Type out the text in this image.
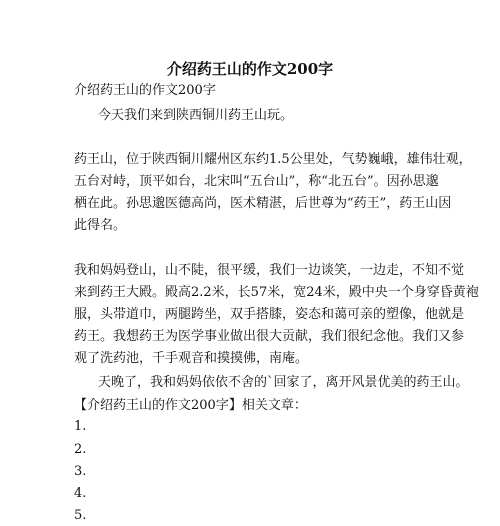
介绍药王山的作文200字
介绍药王山的作文200字
今天我们来到陕西铜川药王山玩。
药王山，位于陕西铜川耀州区东约1.5公里处，气势巍峨，雄伟壮观，
五台对峙，顶平如台，北宋叫“五台山”，称“北五台”。因孙思邈
栖在此。孙思邈医德高尚，医术精湛，后世尊为“药王”，药王山因
此得名。
我和妈妈登山，山不陡，很平缓，我们一边谈笑，一边走，不知不觉
来到药王大殿。殿高2.2米，长57米，宽24米，殿中央一个身穿昏黄袍
服，头带道巾，两腿跨坐，双手搭膝，姿态和蔼可亲的塑像，他就是
药王。我想药王为医学事业做出很大贡献，我们很纪念他。我们又参
观了洗药池，千手观音和摸摸佛，南庵。
天晚了，我和妈妈依依不舍的`回家了，离开风景优美的药王山。
【介绍药王山的作文200字】相关文章：
1.
2.
3.
4.
5.
